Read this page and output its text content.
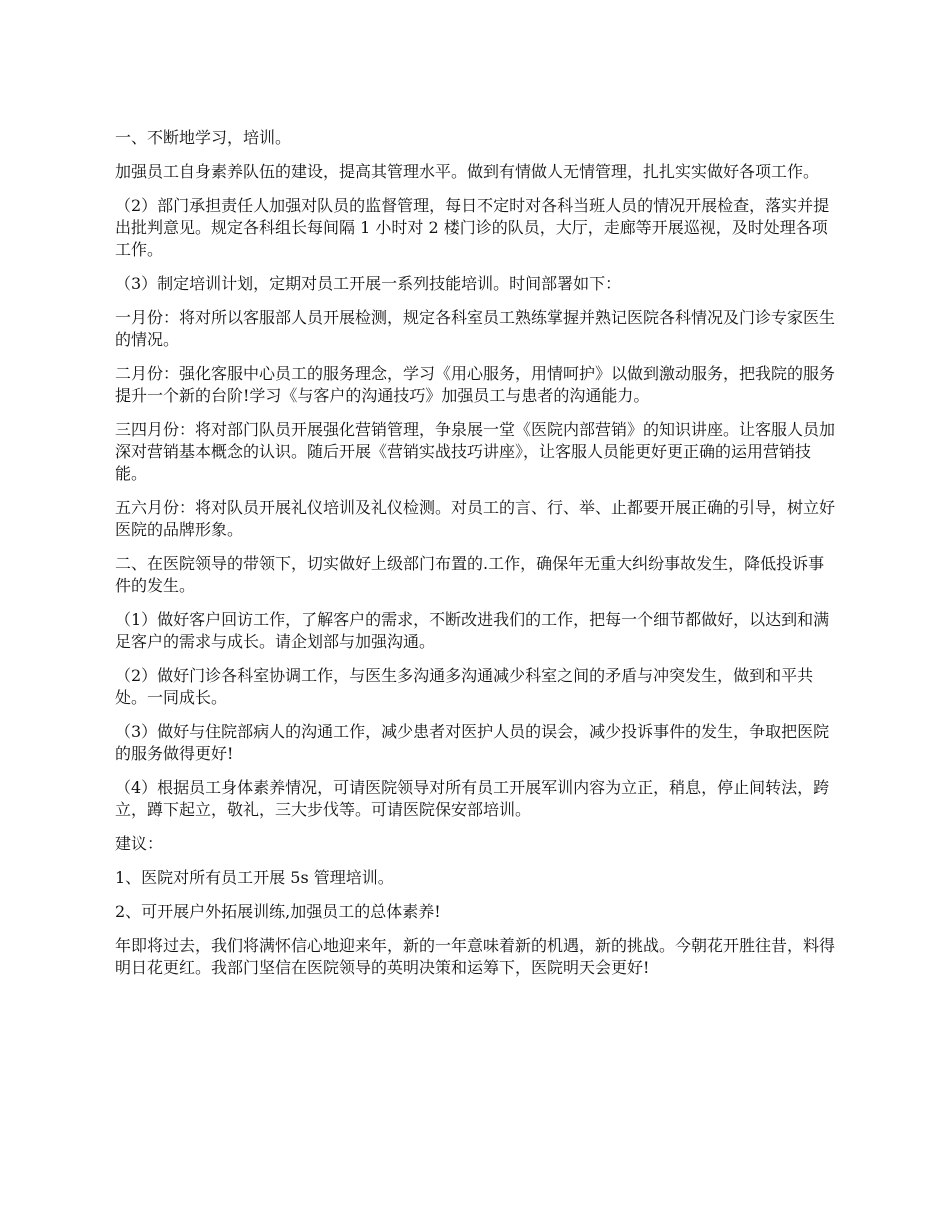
一、不断地学习，培训。

加强员工自身素养队伍的建设，提高其管理水平。做到有情做人无情管理，扎扎实实做好各项工作。

（2）部门承担责任人加强对队员的监督管理，每日不定时对各科当班人员的情况开展检查，落实并提出批判意见。规定各科组长每间隔 1 小时对 2 楼门诊的队员，大厅，走廊等开展巡视，及时处理各项工作。

（3）制定培训计划，定期对员工开展一系列技能培训。时间部署如下：

一月份：将对所以客服部人员开展检测，规定各科室员工熟练掌握并熟记医院各科情况及门诊专家医生的情况。

二月份：强化客服中心员工的服务理念，学习《用心服务，用情呵护》以做到激动服务，把我院的服务提升一个新的台阶!学习《与客户的沟通技巧》加强员工与患者的沟通能力。

三四月份：将对部门队员开展强化营销管理，争泉展一堂《医院内部营销》的知识讲座。让客服人员加深对营销基本概念的认识。随后开展《营销实战技巧讲座》，让客服人员能更好更正确的运用营销技能。

五六月份：将对队员开展礼仪培训及礼仪检测。对员工的言、行、举、止都要开展正确的引导，树立好医院的品牌形象。

二、在医院领导的带领下，切实做好上级部门布置的.工作，确保年无重大纠纷事故发生，降低投诉事件的发生。

（1）做好客户回访工作，了解客户的需求，不断改进我们的工作，把每一个细节都做好，以达到和满足客户的需求与成长。请企划部与加强沟通。

（2）做好门诊各科室协调工作，与医生多沟通多沟通减少科室之间的矛盾与冲突发生，做到和平共处。一同成长。

（3）做好与住院部病人的沟通工作，减少患者对医护人员的误会，减少投诉事件的发生，争取把医院的服务做得更好!

（4）根据员工身体素养情况，可请医院领导对所有员工开展军训内容为立正，稍息，停止间转法，跨立，蹲下起立，敬礼，三大步伐等。可请医院保安部培训。

建议：

1、医院对所有员工开展 5s 管理培训。

2、可开展户外拓展训练,加强员工的总体素养!

年即将过去，我们将满怀信心地迎来年，新的一年意味着新的机遇，新的挑战。今朝花开胜往昔，料得明日花更红。我部门坚信在医院领导的英明决策和运筹下，医院明天会更好!
